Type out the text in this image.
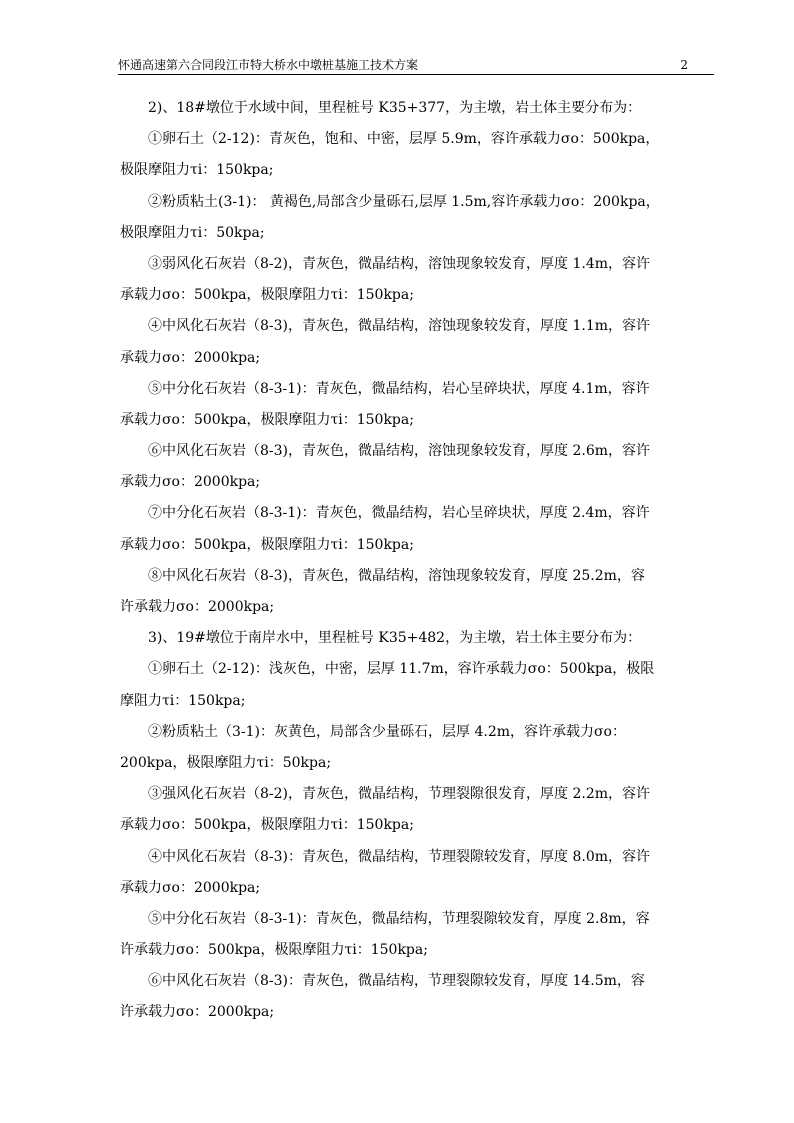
怀通高速第六合同段江市特大桥水中墩桩基施工技术方案	2
2)、18#墩位于水域中间，里程桩号 K35+377，为主墩，岩土体主要分布为：
①卵石土（2-12)：青灰色，饱和、中密，层厚 5.9m，容许承载力σo：500kpa，
极限摩阻力τi：150kpa;
②粉质粘土(3-1)： 黄褐色,局部含少量砾石,层厚 1.5m,容许承载力σo：200kpa，
极限摩阻力τi：50kpa;
③弱风化石灰岩（8-2)，青灰色，微晶结构，溶蚀现象较发育，厚度 1.4m，容许
承载力σo：500kpa，极限摩阻力τi：150kpa;
④中风化石灰岩（8-3)，青灰色，微晶结构，溶蚀现象较发育，厚度 1.1m，容许
承载力σo：2000kpa;
⑤中分化石灰岩（8-3-1)：青灰色，微晶结构，岩心呈碎块状，厚度 4.1m，容许
承载力σo：500kpa，极限摩阻力τi：150kpa;
⑥中风化石灰岩（8-3)，青灰色，微晶结构，溶蚀现象较发育，厚度 2.6m，容许
承载力σo：2000kpa;
⑦中分化石灰岩（8-3-1)：青灰色，微晶结构，岩心呈碎块状，厚度 2.4m，容许
承载力σo：500kpa，极限摩阻力τi：150kpa;
⑧中风化石灰岩（8-3)，青灰色，微晶结构，溶蚀现象较发育，厚度 25.2m，容
许承载力σo：2000kpa;
3)、19#墩位于南岸水中，里程桩号 K35+482，为主墩，岩土体主要分布为：
①卵石土（2-12)：浅灰色，中密，层厚 11.7m，容许承载力σo：500kpa，极限
摩阻力τi：150kpa;
②粉质粘土（3-1)：灰黄色，局部含少量砾石，层厚 4.2m，容许承载力σo：
200kpa，极限摩阻力τi：50kpa;
③强风化石灰岩（8-2)，青灰色，微晶结构，节理裂隙很发育，厚度 2.2m，容许
承载力σo：500kpa，极限摩阻力τi：150kpa;
④中风化石灰岩（8-3)：青灰色，微晶结构，节理裂隙较发育，厚度 8.0m，容许
承载力σo：2000kpa;
⑤中分化石灰岩（8-3-1)：青灰色，微晶结构，节理裂隙较发育，厚度 2.8m，容
许承载力σo：500kpa，极限摩阻力τi：150kpa;
⑥中风化石灰岩（8-3)：青灰色，微晶结构，节理裂隙较发育，厚度 14.5m，容
许承载力σo：2000kpa;
